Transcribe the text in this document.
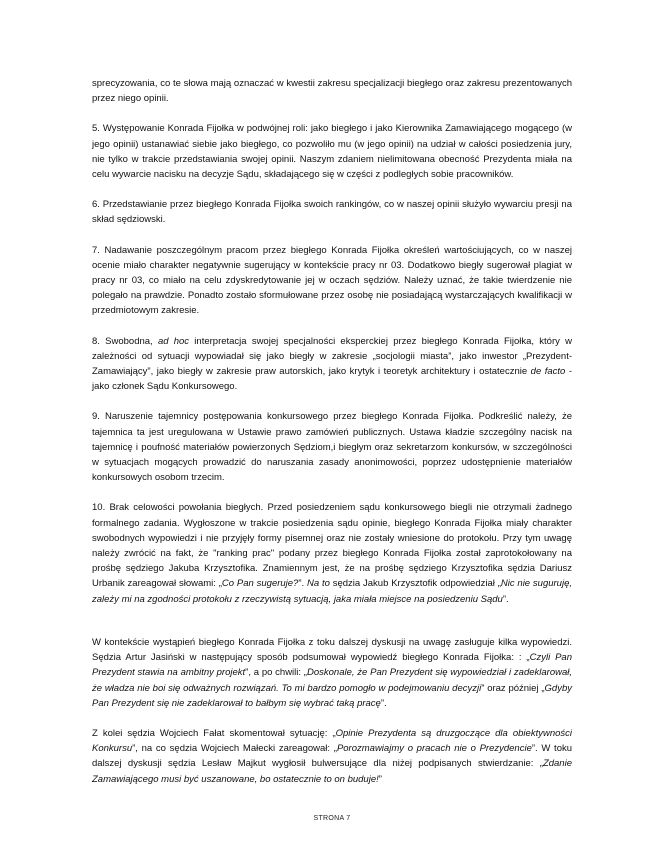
sprecyzowania, co te słowa mają oznaczać w kwestii zakresu specjalizacji biegłego oraz zakresu prezentowanych przez niego opinii.

5. Występowanie Konrada Fijołka w podwójnej roli: jako biegłego i jako Kierownika Zamawiającego mogącego (w jego opinii) ustanawiać siebie jako biegłego, co pozwoliło mu (w jego opinii) na udział w całości posiedzenia jury, nie tylko w trakcie przedstawiania swojej opinii. Naszym zdaniem nielimitowana obecność Prezydenta miała na celu wywarcie nacisku na decyzje Sądu, składającego się w części z podległych sobie pracowników.

6. Przedstawianie przez biegłego Konrada Fijołka swoich rankingów, co w naszej opinii służyło wywarciu presji na skład sędziowski.

7. Nadawanie poszczególnym pracom przez biegłego Konrada Fijołka określeń wartościujących, co w naszej ocenie miało charakter negatywnie sugerujący w kontekście pracy nr 03. Dodatkowo biegły sugerował plagiat w pracy nr 03, co miało na celu zdyskredytowanie jej w oczach sędziów. Należy uznać, że takie twierdzenie nie polegało na prawdzie. Ponadto zostało sformułowane przez osobę nie posiadającą wystarczających kwalifikacji w przedmiotowym zakresie.

8. Swobodna, ad hoc interpretacja swojej specjalności eksperckiej przez biegłego Konrada Fijołka, który w zależności od sytuacji wypowiadał się jako biegły w zakresie „socjologii miasta”, jako inwestor „Prezydent-Zamawiający”, jako biegły w zakresie praw autorskich, jako krytyk i teoretyk architektury i ostatecznie de facto - jako członek Sądu Konkursowego.

9. Naruszenie tajemnicy postępowania konkursowego przez biegłego Konrada Fijołka. Podkreślić należy, że tajemnica ta jest uregulowana w Ustawie prawo zamówień publicznych. Ustawa kładzie szczególny nacisk na tajemnicę i poufność materiałów powierzonych Sędziom,i biegłym oraz sekretarzom konkursów, w szczególności w sytuacjach mogących prowadzić do naruszania zasady anonimowości, poprzez udostępnienie materiałów konkursowych osobom trzecim.

10. Brak celowości powołania biegłych. Przed posiedzeniem sądu konkursowego biegli nie otrzymali żadnego formalnego zadania. Wygłoszone w trakcie posiedzenia sądu opinie, biegłego Konrada Fijołka miały charakter swobodnych wypowiedzi i nie przyjęły formy pisemnej oraz nie zostały wniesione do protokołu. Przy tym uwagę należy zwrócić na fakt, że "ranking prac" podany przez biegłego Konrada Fijołka został zaprotokołowany na prośbę sędziego Jakuba Krzysztofika. Znamiennym jest, że na prośbę sędziego Krzysztofika sędzia Dariusz Urbanik zareagował słowami: „Co Pan sugeruje?”. Na to sędzia Jakub Krzysztofik odpowiedział „Nic nie suguruję, zależy mi na zgodności protokołu z rzeczywistą sytuacją, jaka miała miejsce na posiedzeniu Sądu”.

W kontekście wystąpień biegłego Konrada Fijołka z toku dalszej dyskusji na uwagę zasługuje kilka wypowiedzi. Sędzia Artur Jasiński w następujący sposób podsumował wypowiedź biegłego Konrada Fijołka: : „Czyli Pan Prezydent stawia na ambitny projekt”, a po chwili: „Doskonale, że Pan Prezydent się wypowiedział i zadeklarował, że władza nie boi się odważnych rozwiązań. To mi bardzo pomogło w podejmowaniu decyzji” oraz później „Gdyby Pan Prezydent się nie zadeklarował to bałbym się wybrać taką pracę”.

Z kolei sędzia Wojciech Fałat skomentował sytuację: „Opinie Prezydenta są druzgoczące dla obiektywności Konkursu”, na co sędzia Wojciech Małecki zareagował: „Porozmawiajmy o pracach nie o Prezydencie”. W toku dalszej dyskusji sędzia Lesław Majkut wygłosił bulwersujące dla niżej podpisanych stwierdzanie: „Zdanie Zamawiającego musi być uszanowane, bo ostatecznie to on buduje!”

STRONA 7
